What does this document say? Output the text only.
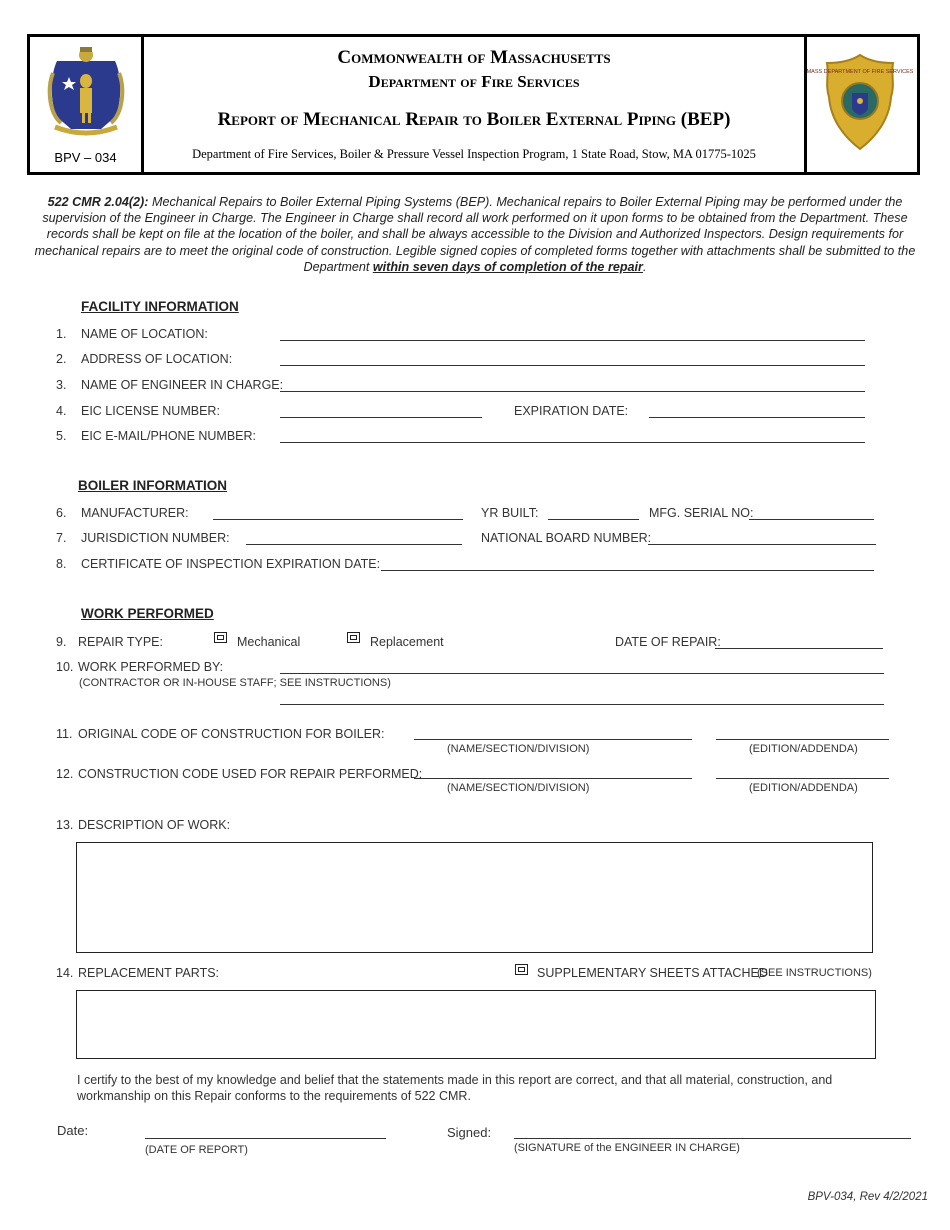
BPV – 034
Commonwealth of Massachusetts
Department of Fire Services
Report of Mechanical Repair to Boiler External Piping (BEP)
Department of Fire Services, Boiler & Pressure Vessel Inspection Program, 1 State Road, Stow, MA 01775-1025
MASS DEPARTMENT OF FIRE SERVICES
522 CMR 2.04(2): Mechanical Repairs to Boiler External Piping Systems (BEP). Mechanical repairs to Boiler External Piping may be performed under the supervision of the Engineer in Charge. The Engineer in Charge shall record all work performed on it upon forms to be obtained from the Department. These records shall be kept on file at the location of the boiler, and shall be always accessible to the Division and Authorized Inspectors. Design requirements for mechanical repairs are to meet the original code of construction. Legible signed copies of completed forms together with attachments shall be submitted to the Department within seven days of completion of the repair.
FACILITY INFORMATION
1. NAME OF LOCATION:
2. ADDRESS OF LOCATION:
3. NAME OF ENGINEER IN CHARGE:
4. EIC LICENSE NUMBER:	EXPIRATION DATE:
5. EIC E-MAIL/PHONE NUMBER:
BOILER INFORMATION
6. MANUFACTURER:	YR BUILT:	MFG. SERIAL NO:
7. JURISDICTION NUMBER:	NATIONAL BOARD NUMBER:
8. CERTIFICATE OF INSPECTION EXPIRATION DATE:
WORK PERFORMED
9. REPAIR TYPE:	Mechanical	Replacement	DATE OF REPAIR:
10. WORK PERFORMED BY:
(CONTRACTOR OR IN-HOUSE STAFF; SEE INSTRUCTIONS)
11. ORIGINAL CODE OF CONSTRUCTION FOR BOILER:
(NAME/SECTION/DIVISION)	(EDITION/ADDENDA)
12. CONSTRUCTION CODE USED FOR REPAIR PERFORMED:
(NAME/SECTION/DIVISION)	(EDITION/ADDENDA)
13. DESCRIPTION OF WORK:
14. REPLACEMENT PARTS:	SUPPLEMENTARY SHEETS ATTACHED
(SEE INSTRUCTIONS)
I certify to the best of my knowledge and belief that the statements made in this report are correct, and that all material, construction, and workmanship on this Repair conforms to the requirements of 522 CMR.
Date:
(DATE OF REPORT)
Signed:
(SIGNATURE of the ENGINEER IN CHARGE)
BPV-034, Rev 4/2/2021
